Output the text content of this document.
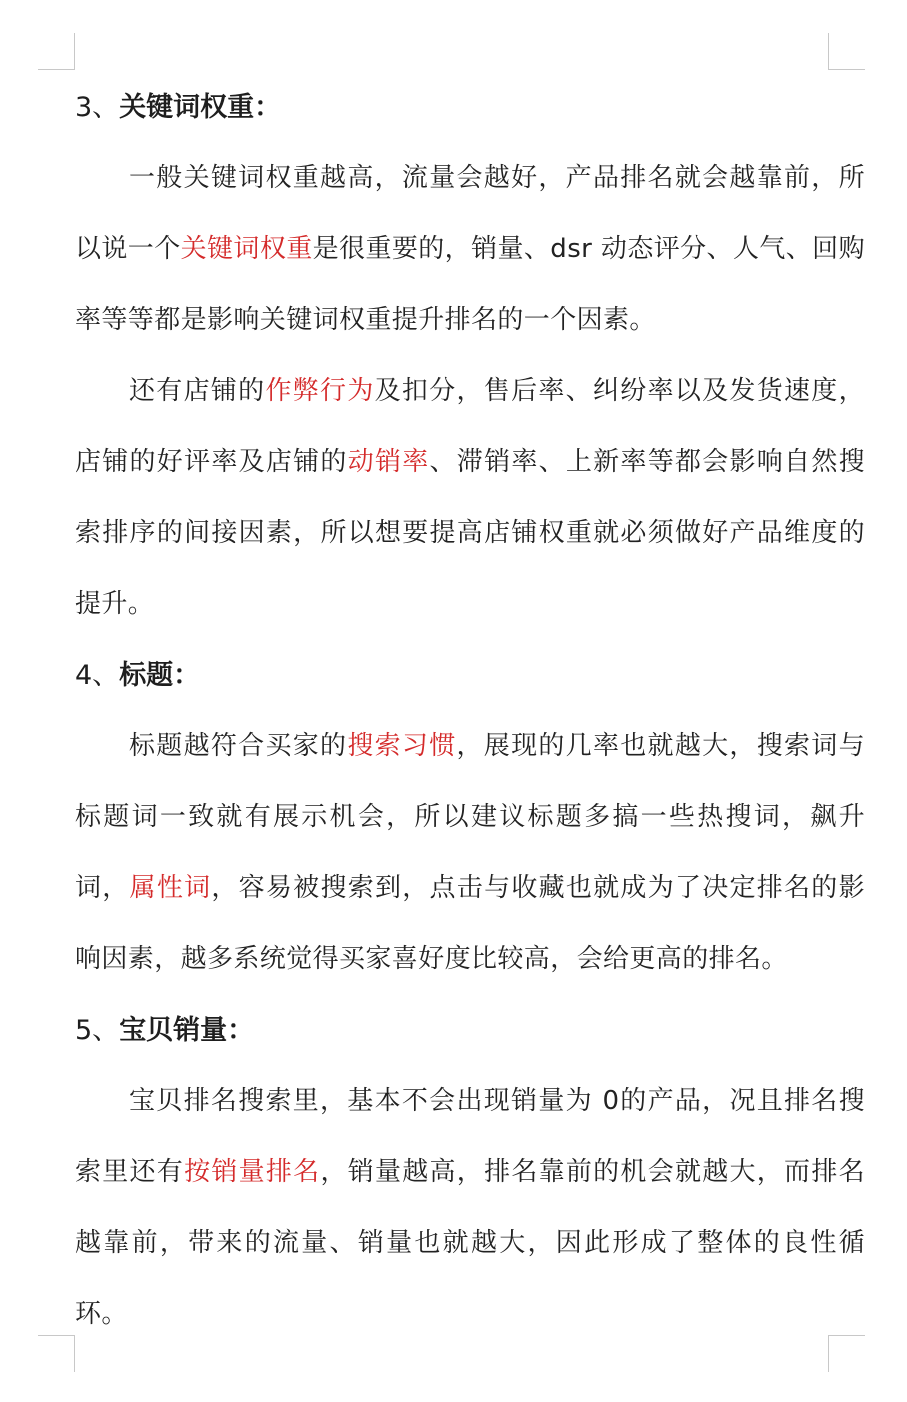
3、关键词权重：

一般关键词权重越高，流量会越好，产品排名就会越靠前，所以说一个关键词权重是很重要的，销量、dsr 动态评分、人气、回购率等等都是影响关键词权重提升排名的一个因素。

还有店铺的作弊行为及扣分，售后率、纠纷率以及发货速度，店铺的好评率及店铺的动销率、滞销率、上新率等都会影响自然搜索排序的间接因素，所以想要提高店铺权重就必须做好产品维度的提升。

4、标题：

标题越符合买家的搜索习惯，展现的几率也就越大，搜索词与标题词一致就有展示机会，所以建议标题多搞一些热搜词，飙升词，属性词，容易被搜索到，点击与收藏也就成为了决定排名的影响因素，越多系统觉得买家喜好度比较高，会给更高的排名。

5、宝贝销量：

宝贝排名搜索里，基本不会出现销量为 0的产品，况且排名搜索里还有按销量排名，销量越高，排名靠前的机会就越大，而排名越靠前，带来的流量、销量也就越大，因此形成了整体的良性循环。
